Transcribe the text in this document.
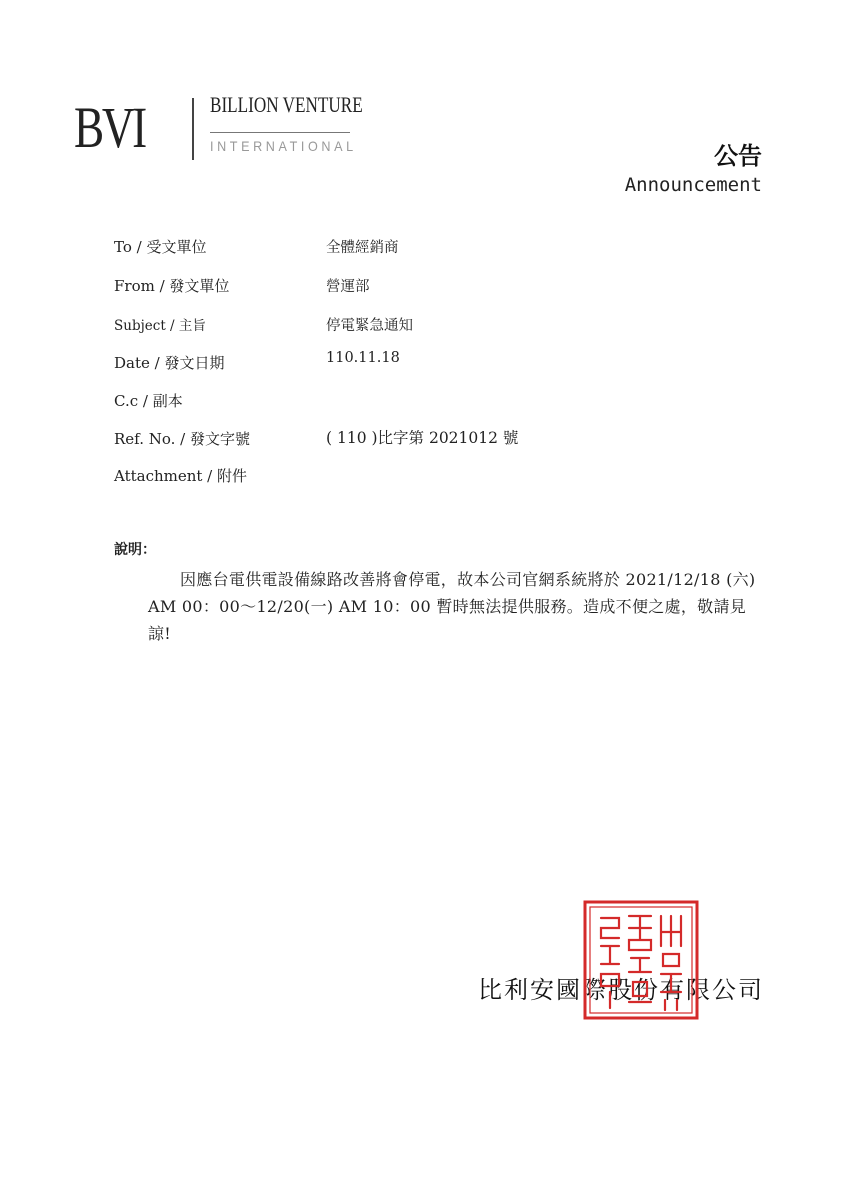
BVI	BILLION VENTURE
INTERNATIONAL	公告
Announcement
To / 受文單位	全體經銷商
From / 發文單位	營運部
Subject / 主旨	停電緊急通知
Date / 發文日期	110.11.18
C.c / 副本
Ref. No. / 發文字號	( 110 )比字第 2021012 號
Attachment / 附件
說明：
因應台電供電設備線路改善將會停電，故本公司官網系統將於 2021/12/18 (六) AM 00：00～12/20(一) AM 10：00 暫時無法提供服務。造成不便之處，敬請見諒!
比利安國際股份有限公司
